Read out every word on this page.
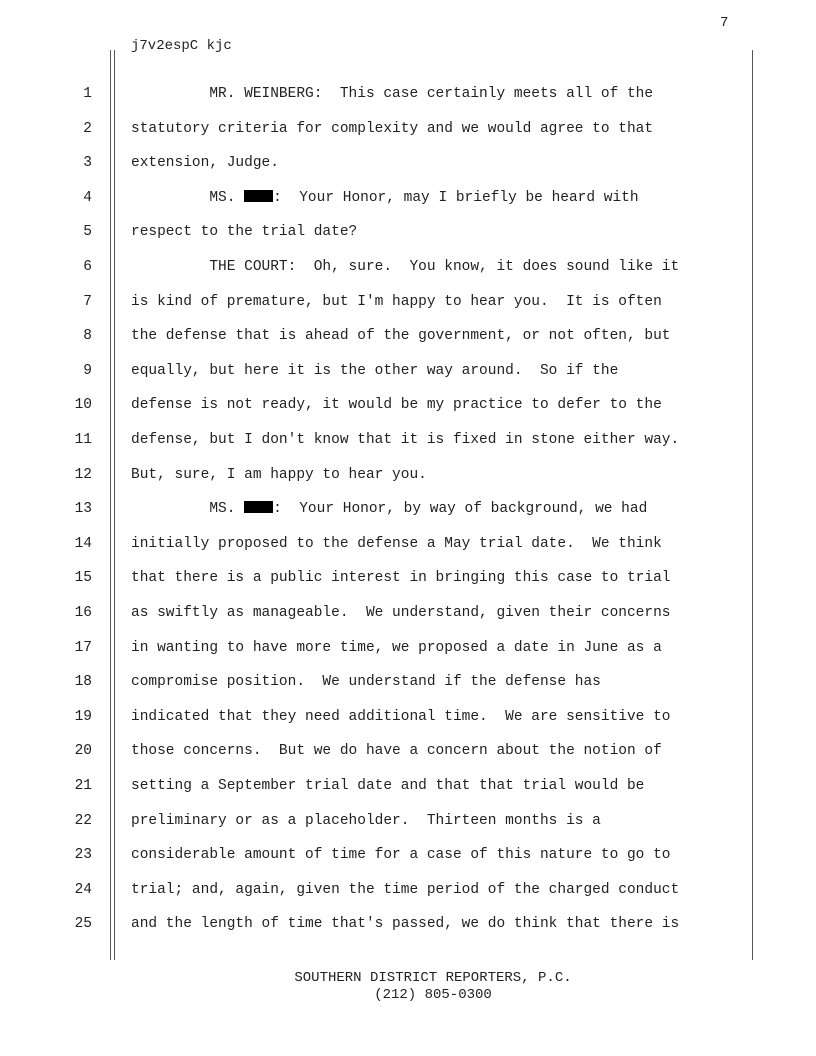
7
j7v2espC kjc
1	MR. WEINBERG:  This case certainly meets all of the
2	statutory criteria for complexity and we would agree to that
3	extension, Judge.
4	MS. :  Your Honor, may I briefly be heard with
5	respect to the trial date?
6	THE COURT:  Oh, sure.  You know, it does sound like it
7	is kind of premature, but I'm happy to hear you.  It is often
8	the defense that is ahead of the government, or not often, but
9	equally, but here it is the other way around.  So if the
10	defense is not ready, it would be my practice to defer to the
11	defense, but I don't know that it is fixed in stone either way.
12	But, sure, I am happy to hear you.
13	MS. :  Your Honor, by way of background, we had
14	initially proposed to the defense a May trial date.  We think
15	that there is a public interest in bringing this case to trial
16	as swiftly as manageable.  We understand, given their concerns
17	in wanting to have more time, we proposed a date in June as a
18	compromise position.  We understand if the defense has
19	indicated that they need additional time.  We are sensitive to
20	those concerns.  But we do have a concern about the notion of
21	setting a September trial date and that that trial would be
22	preliminary or as a placeholder.  Thirteen months is a
23	considerable amount of time for a case of this nature to go to
24	trial; and, again, given the time period of the charged conduct
25	and the length of time that's passed, we do think that there is
SOUTHERN DISTRICT REPORTERS, P.C.
(212) 805-0300
